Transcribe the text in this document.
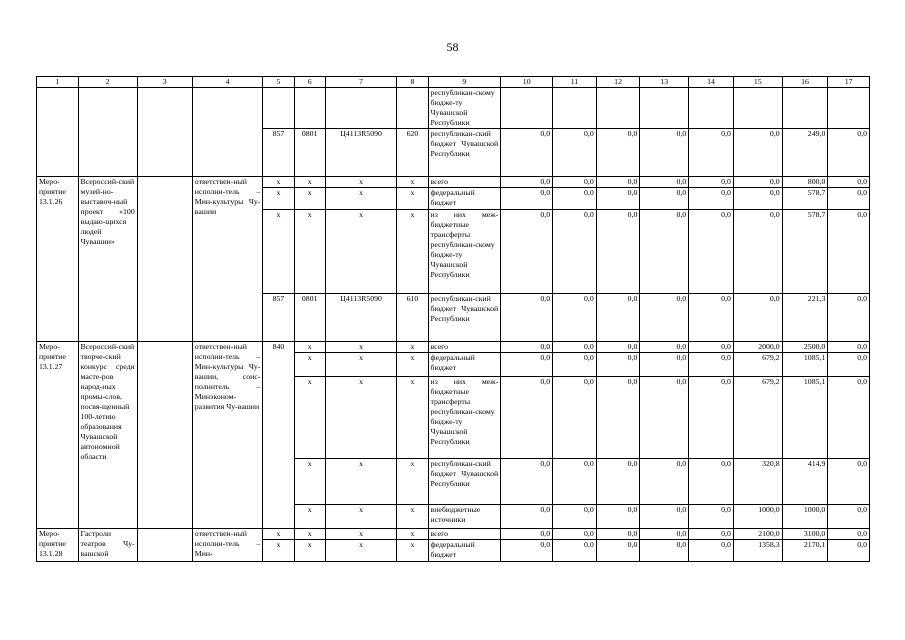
58
1	2	3	4	5	6	7	8	9	10	11	12	13	14	15	16	17
								республикан-скому бюдже-ту Чувашской Республики								
				857	0801	Ц4113R5090	620	республикан-ский бюджет Чувашской Республики	0,0	0,0	0,0	0,0	0,0	0,0	249,0	0,0
Меро-приятие 13.1.26	Всероссий-ский музей-но-выставоч-ный проект «100 выдаю-щихся людей Чувашии»		ответствен-ный исполни-тель – Мин-культуры Чу-вашии	x	x	x	x	всего	0,0	0,0	0,0	0,0	0,0	0,0	800,0	0,0
				x	x	x	x	федеральный бюджет	0,0	0,0	0,0	0,0	0,0	0,0	578,7	0,0
				x	x	x	x	из них меж-бюджетные трансферты республикан-скому бюдже-ту Чувашской Республики	0,0	0,0	0,0	0,0	0,0	0,0	578,7	0,0
				857	0801	Ц4113R5090	610	республикан-ский бюджет Чувашской Республики	0,0	0,0	0,0	0,0	0,0	0,0	221,3	0,0
Меро-приятие 13.1.27	Всероссий-ский творче-ский конкурс среди масте-ров народ-ных промы-слов, посвя-щенный 100-летию образования Чувашской автономной области		ответствен-ный исполни-тель – Мин-культуры Чу-вашии, соис-полнитель – Минэконом-развития Чу-вашии	840	x	x	x	всего	0,0	0,0	0,0	0,0	0,0	2000,0	2500,0	0,0
					x	x	x	федеральный бюджет	0,0	0,0	0,0	0,0	0,0	679,2	1085,1	0,0
					x	x	x	из них меж-бюджетные трансферты республикан-скому бюдже-ту Чувашской Республики	0,0	0,0	0,0	0,0	0,0	679,2	1085,1	0,0
					x	x	x	республикан-ский бюджет Чувашской Республики	0,0	0,0	0,0	0,0	0,0	320,8	414,9	0,0
					x	x	x	внебюджетные источники	0,0	0,0	0,0	0,0	0,0	1000,0	1000,0	0,0
Меро-приятие 13.1.28	Гастроли театров Чу-вашской		ответствен-ный исполни-тель – Мин-	x	x	x	x	всего	0,0	0,0	0,0	0,0	0,0	2100,0	3100,0	0,0
				x	x	x	x	федеральный бюджет	0,0	0,0	0,0	0,0	0,0	1358,3	2170,1	0,0
